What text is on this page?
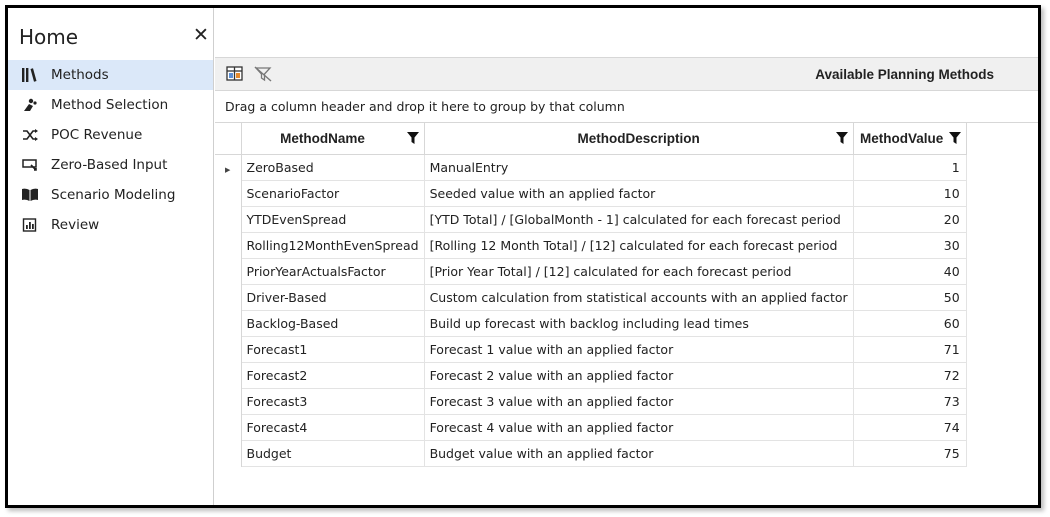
Home	✕
Methods
Method Selection
POC Revenue
Zero-Based Input
Scenario Modeling
Review
Available Planning Methods
Drag a column header and drop it here to group by that column
	MethodName	MethodDescription	MethodValue

▶	ZeroBased	ManualEntry	1
	ScenarioFactor	Seeded value with an applied factor	10
	YTDEvenSpread	[YTD Total] / [GlobalMonth - 1] calculated for each forecast period	20
	Rolling12MonthEvenSpread	[Rolling 12 Month Total] / [12] calculated for each forecast period	30
	PriorYearActualsFactor	[Prior Year Total] / [12] calculated for each forecast period	40
	Driver-Based	Custom calculation from statistical accounts with an applied factor	50
	Backlog-Based	Build up forecast with backlog including lead times	60
	Forecast1	Forecast 1 value with an applied factor	71
	Forecast2	Forecast 2 value with an applied factor	72
	Forecast3	Forecast 3 value with an applied factor	73
	Forecast4	Forecast 4 value with an applied factor	74
	Budget	Budget value with an applied factor	75
